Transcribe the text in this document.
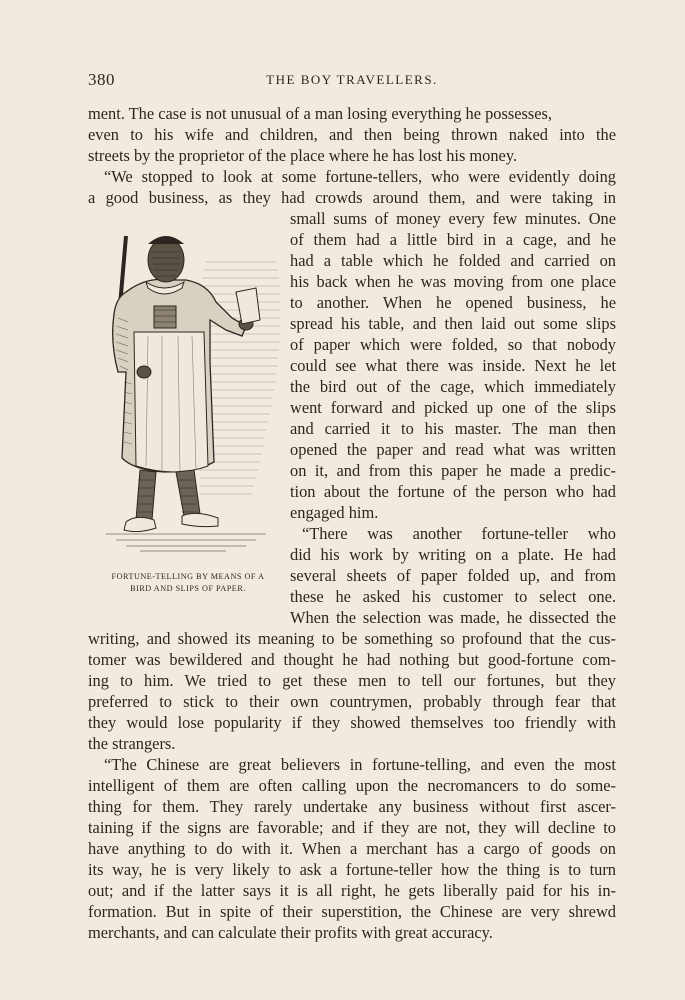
380	THE BOY TRAVELLERS.
ment. The case is not unusual of a man losing everything he possesses,
even to his wife and children, and then being thrown naked into the
streets by the proprietor of the place where he has lost his money.
“We stopped to look at some fortune-tellers, who were evidently doing
a good business, as they had crowds around them, and were taking in
small sums of money every few minutes. One
of them had a little bird in a cage, and he
had a table which he folded and carried on
his back when he was moving from one place
to another. When he opened business, he
spread his table, and then laid out some slips
of paper which were folded, so that nobody
could see what there was inside. Next he let
the bird out of the cage, which immediately
went forward and picked up one of the slips
and carried it to his master. The man then
opened the paper and read what was written
on it, and from this paper he made a predic-
tion about the fortune of the person who had
engaged him.
“There was another fortune-teller who
did his work by writing on a plate. He had
several sheets of paper folded up, and from
these he asked his customer to select one.
When the selection was made, he dissected the
writing, and showed its meaning to be something so profound that the cus-
tomer was bewildered and thought he had nothing but good-fortune com-
ing to him. We tried to get these men to tell our fortunes, but they
preferred to stick to their own countrymen, probably through fear that
they would lose popularity if they showed themselves too friendly with
the strangers.
“The Chinese are great believers in fortune-telling, and even the most
intelligent of them are often calling upon the necromancers to do some-
thing for them. They rarely undertake any business without first ascer-
taining if the signs are favorable; and if they are not, they will decline to
have anything to do with it. When a merchant has a cargo of goods on
its way, he is very likely to ask a fortune-teller how the thing is to turn
out; and if the latter says it is all right, he gets liberally paid for his in-
formation. But in spite of their superstition, the Chinese are very shrewd
merchants, and can calculate their profits with great accuracy.
FORTUNE-TELLING BY MEANS OF A
BIRD AND SLIPS OF PAPER.
